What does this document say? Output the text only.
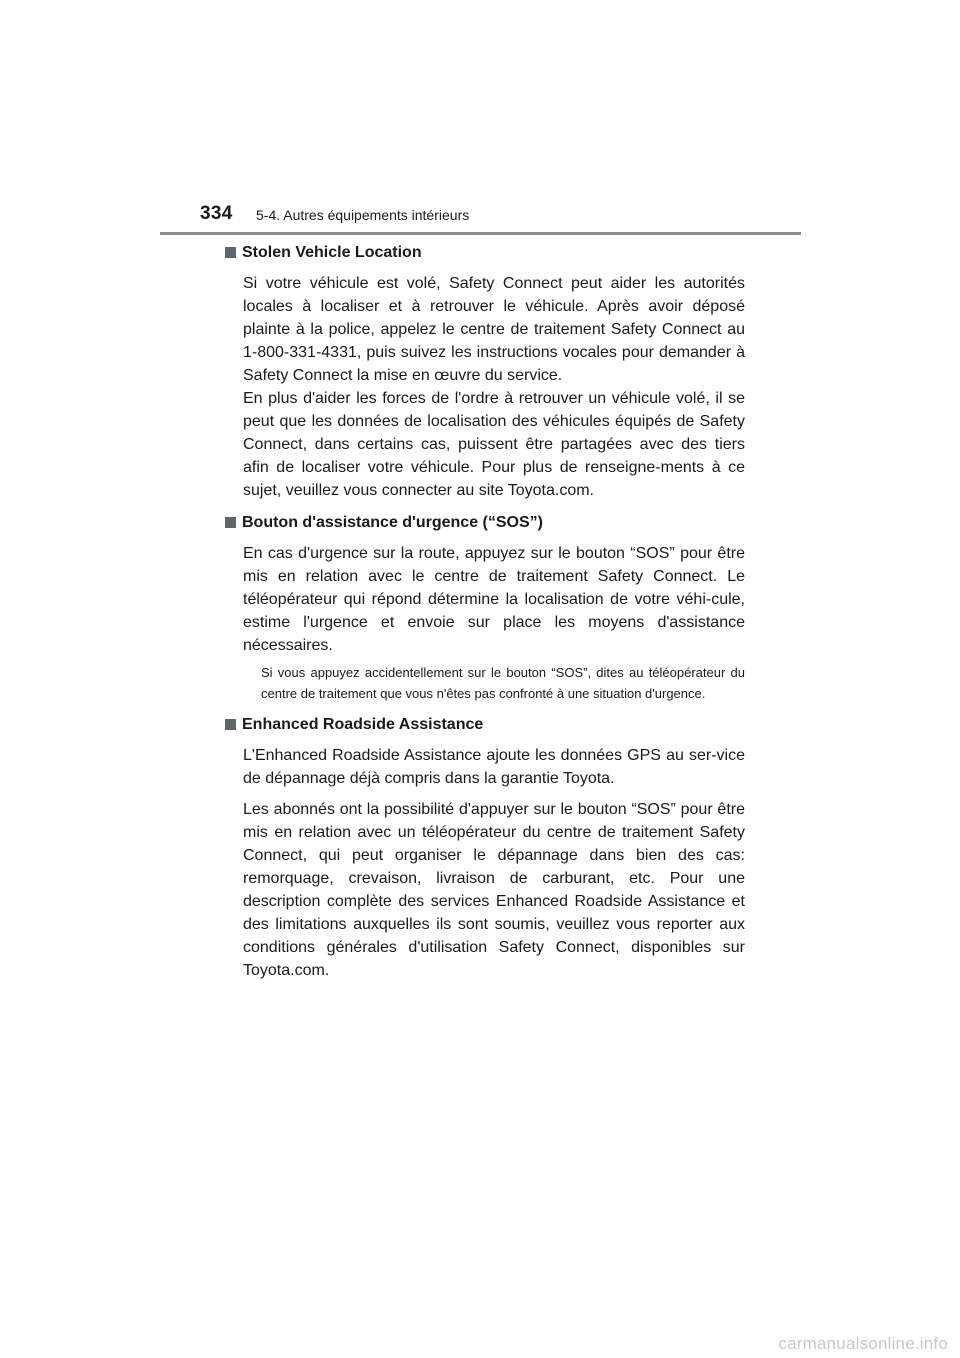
334 5-4. Autres équipements intérieurs
Stolen Vehicle Location

Si votre véhicule est volé, Safety Connect peut aider les autorités locales à localiser et à retrouver le véhicule. Après avoir déposé plainte à la police, appelez le centre de traitement Safety Connect au 1-800-331-4331, puis suivez les instructions vocales pour demander à Safety Connect la mise en œuvre du service.

En plus d'aider les forces de l'ordre à retrouver un véhicule volé, il se peut que les données de localisation des véhicules équipés de Safety Connect, dans certains cas, puissent être partagées avec des tiers afin de localiser votre véhicule. Pour plus de renseigne-ments à ce sujet, veuillez vous connecter au site Toyota.com.

Bouton d'assistance d'urgence (“SOS”)

En cas d'urgence sur la route, appuyez sur le bouton “SOS” pour être mis en relation avec le centre de traitement Safety Connect. Le téléopérateur qui répond détermine la localisation de votre véhi-cule, estime l'urgence et envoie sur place les moyens d'assistance nécessaires.

Si vous appuyez accidentellement sur le bouton “SOS”, dites au téléopérateur du centre de traitement que vous n'êtes pas confronté à une situation d'urgence.

Enhanced Roadside Assistance

L'Enhanced Roadside Assistance ajoute les données GPS au ser-vice de dépannage déjà compris dans la garantie Toyota.

Les abonnés ont la possibilité d'appuyer sur le bouton “SOS” pour être mis en relation avec un téléopérateur du centre de traitement Safety Connect, qui peut organiser le dépannage dans bien des cas: remorquage, crevaison, livraison de carburant, etc. Pour une description complète des services Enhanced Roadside Assistance et des limitations auxquelles ils sont soumis, veuillez vous reporter aux conditions générales d'utilisation Safety Connect, disponibles sur Toyota.com.

carmanualsonline.info
